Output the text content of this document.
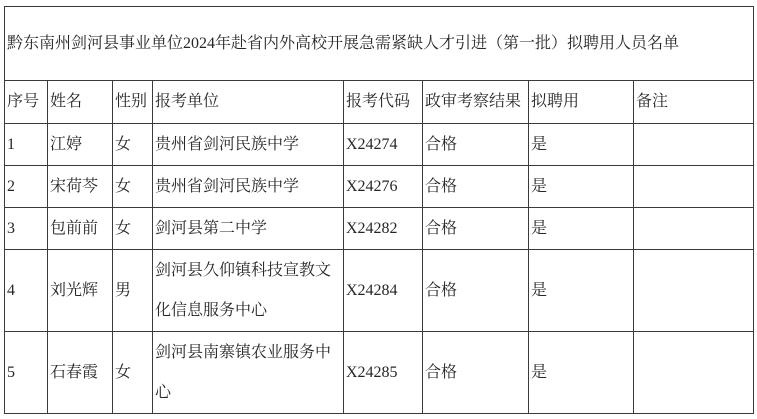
黔东南州剑河县事业单位2024年赴省内外高校开展急需紧缺人才引进（第一批）拟聘用人员名单							
序号	姓名	性别	报考单位	报考代码	政审考察结果	拟聘用	备注
1	江婷	女	贵州省剑河民族中学	X24274	合格	是	
2	宋荷芩	女	贵州省剑河民族中学	X24276	合格	是	
3	包前前	女	剑河县第二中学	X24282	合格	是	
4	刘光辉	男	剑河县久仰镇科技宣教文化信息服务中心	X24284	合格	是	
5	石春霞	女	剑河县南寨镇农业服务中心	X24285	合格	是	
